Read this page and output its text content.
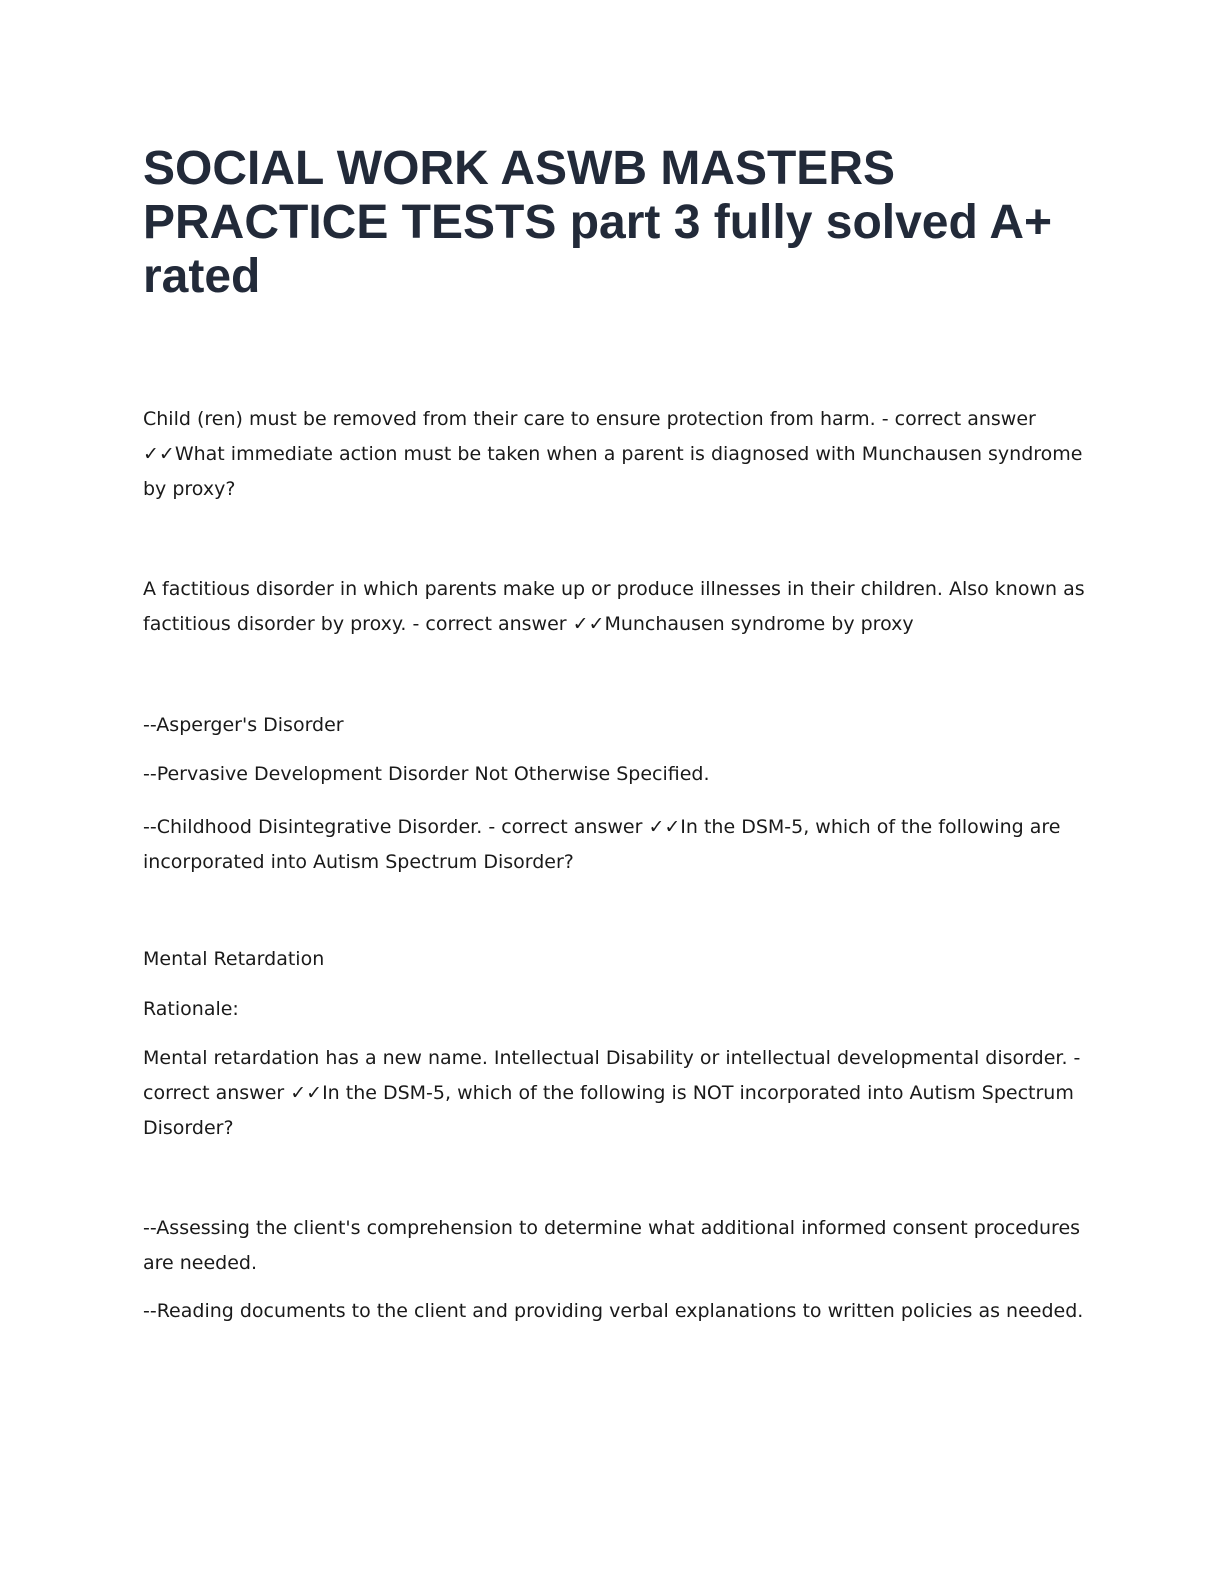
SOCIAL WORK ASWB MASTERS PRACTICE TESTS part 3 fully solved A+ rated

Child (ren) must be removed from their care to ensure protection from harm. - correct answer ✓✓What immediate action must be taken when a parent is diagnosed with Munchausen syndrome by proxy?

A factitious disorder in which parents make up or produce illnesses in their children. Also known as factitious disorder by proxy. - correct answer ✓✓Munchausen syndrome by proxy

--Asperger's Disorder

--Pervasive Development Disorder Not Otherwise Specified.

--Childhood Disintegrative Disorder. - correct answer ✓✓In the DSM-5, which of the following are incorporated into Autism Spectrum Disorder?

Mental Retardation

Rationale:

Mental retardation has a new name. Intellectual Disability or intellectual developmental disorder. - correct answer ✓✓In the DSM-5, which of the following is NOT incorporated into Autism Spectrum Disorder?

--Assessing the client's comprehension to determine what additional informed consent procedures are needed.

--Reading documents to the client and providing verbal explanations to written policies as needed.
